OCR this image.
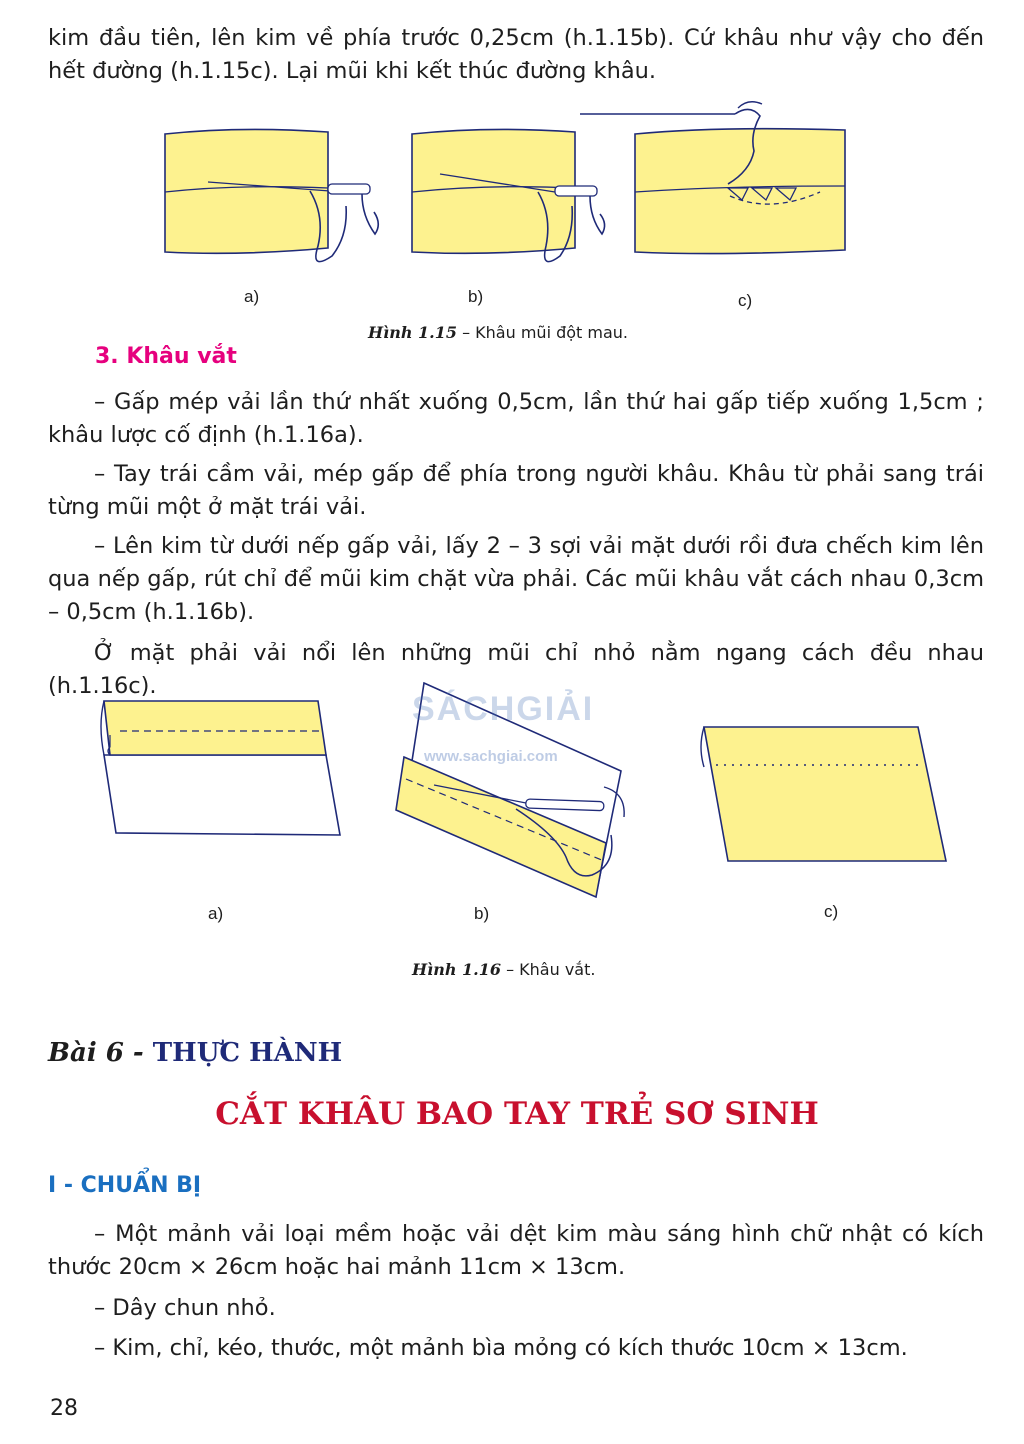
kim đầu tiên, lên kim về phía trước 0,25cm (h.1.15b). Cứ khâu như vậy cho đến hết đường (h.1.15c). Lại mũi khi kết thúc đường khâu.

a)	b)	c)
Hình 1.15 – Khâu mũi đột mau.
3. Khâu vắt

– Gấp mép vải lần thứ nhất xuống 0,5cm, lần thứ hai gấp tiếp xuống 1,5cm ; khâu lược cố định (h.1.16a).

– Tay trái cầm vải, mép gấp để phía trong người khâu. Khâu từ phải sang trái từng mũi một ở mặt trái vải.

– Lên kim từ dưới nếp gấp vải, lấy 2 – 3 sợi vải mặt dưới rồi đưa chếch kim lên qua nếp gấp, rút chỉ để mũi kim chặt vừa phải. Các mũi khâu vắt cách nhau 0,3cm – 0,5cm (h.1.16b).

Ở mặt phải vải nổi lên những mũi chỉ nhỏ nằm ngang cách đều nhau (h.1.16c).

SÁCHGIẢI
www.sachgiai.com
a)	b)	c)
Hình 1.16 – Khâu vắt.
Bài 6 - THỰC HÀNH
CẮT KHÂU BAO TAY TRẺ SƠ SINH
I - CHUẨN BỊ

– Một mảnh vải loại mềm hoặc vải dệt kim màu sáng hình chữ nhật có kích thước 20cm × 26cm hoặc hai mảnh 11cm × 13cm.

– Dây chun nhỏ.

– Kim, chỉ, kéo, thước, một mảnh bìa mỏng có kích thước 10cm × 13cm.

28
